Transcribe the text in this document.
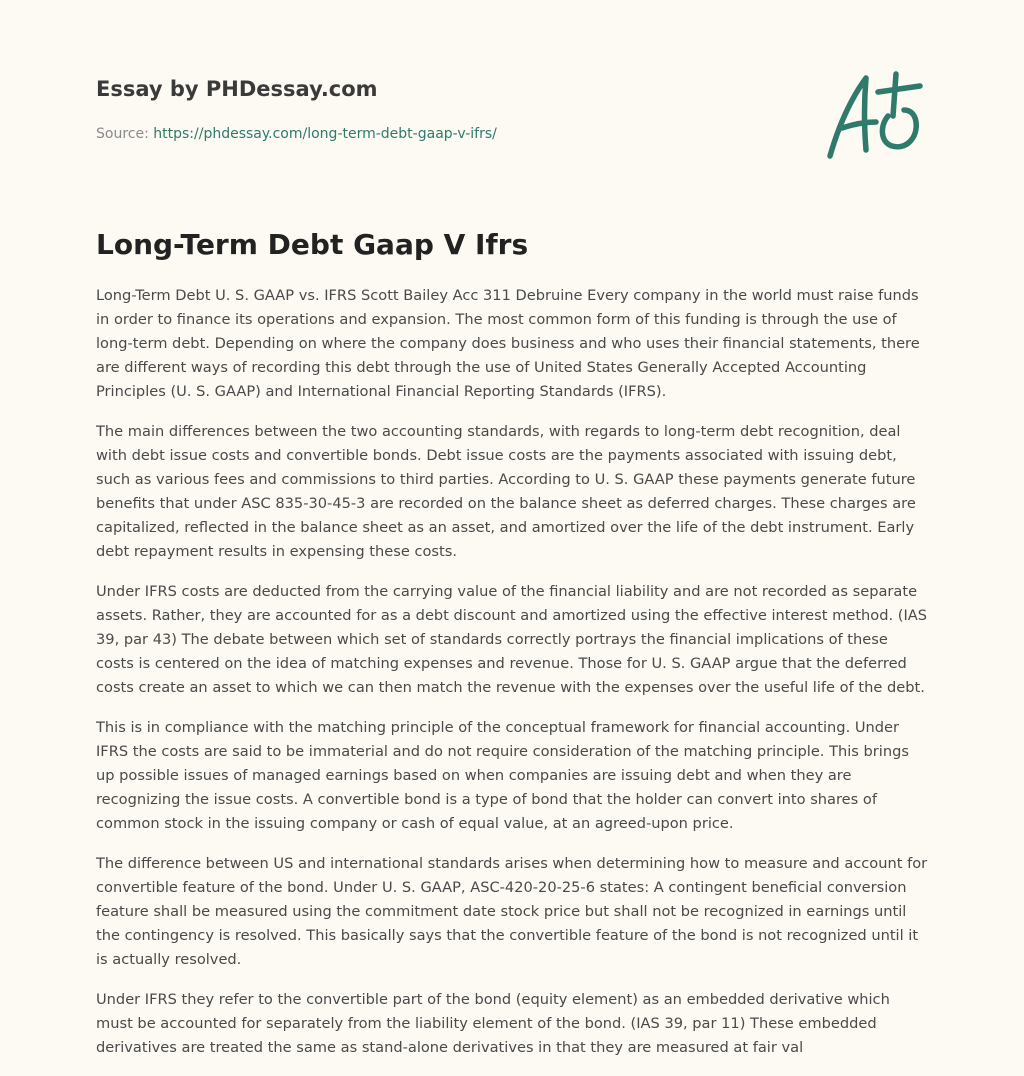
Essay by PHDessay.com
Source: https://phdessay.com/long-term-debt-gaap-v-ifrs/
Long-Term Debt Gaap V Ifrs

Long-Term Debt U. S. GAAP vs. IFRS Scott Bailey Acc 311 Debruine Every company in the world must raise funds in order to finance its operations and expansion. The most common form of this funding is through the use of long-term debt. Depending on where the company does business and who uses their financial statements, there are different ways of recording this debt through the use of United States Generally Accepted Accounting Principles (U. S. GAAP) and International Financial Reporting Standards (IFRS).

The main differences between the two accounting standards, with regards to long-term debt recognition, deal with debt issue costs and convertible bonds. Debt issue costs are the payments associated with issuing debt, such as various fees and commissions to third parties. According to U. S. GAAP these payments generate future benefits that under ASC 835-30-45-3 are recorded on the balance sheet as deferred charges. These charges are capitalized, reflected in the balance sheet as an asset, and amortized over the life of the debt instrument. Early debt repayment results in expensing these costs.

Under IFRS costs are deducted from the carrying value of the financial liability and are not recorded as separate assets. Rather, they are accounted for as a debt discount and amortized using the effective interest method. (IAS 39, par 43) The debate between which set of standards correctly portrays the financial implications of these costs is centered on the idea of matching expenses and revenue. Those for U. S. GAAP argue that the deferred costs create an asset to which we can then match the revenue with the expenses over the useful life of the debt.

This is in compliance with the matching principle of the conceptual framework for financial accounting. Under IFRS the costs are said to be immaterial and do not require consideration of the matching principle. This brings up possible issues of managed earnings based on when companies are issuing debt and when they are recognizing the issue costs. A convertible bond is a type of bond that the holder can convert into shares of common stock in the issuing company or cash of equal value, at an agreed-upon price.

The difference between US and international standards arises when determining how to measure and account for convertible feature of the bond. Under U. S. GAAP, ASC-420-20-25-6 states: A contingent beneficial conversion feature shall be measured using the commitment date stock price but shall not be recognized in earnings until the contingency is resolved. This basically says that the convertible feature of the bond is not recognized until it is actually resolved.

Under IFRS they refer to the convertible part of the bond (equity element) as an embedded derivative which must be accounted for separately from the liability element of the bond. (IAS 39, par 11) These embedded derivatives are treated the same as stand-alone derivatives in that they are measured at fair val
